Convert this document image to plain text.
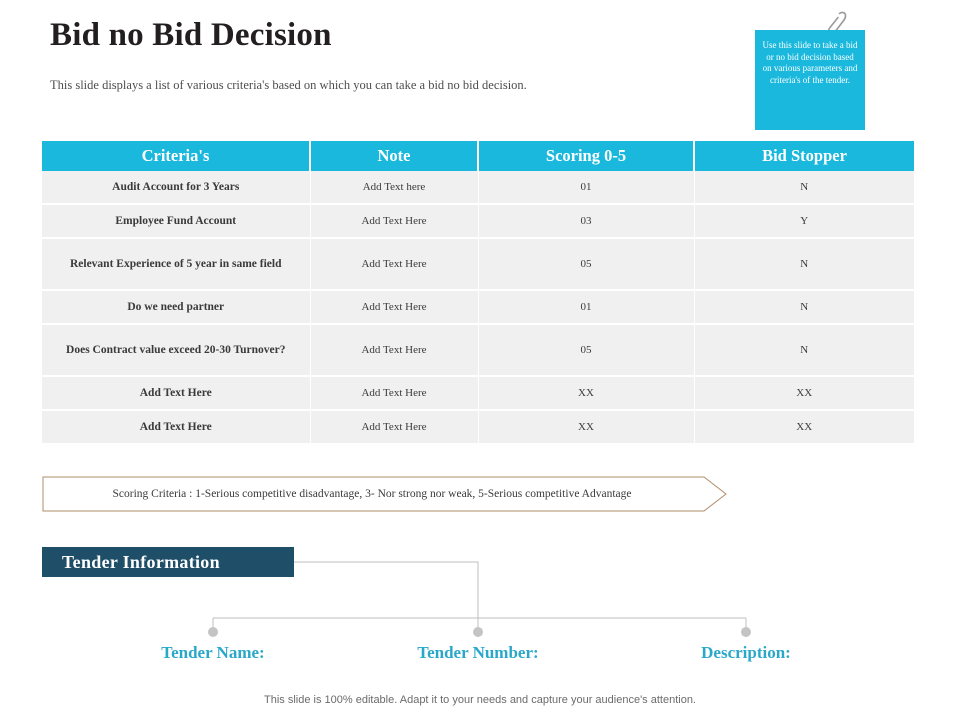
Bid no Bid Decision
This slide displays a list of various criteria's based on which you can take a bid no bid decision.
Use this slide to take a bid or no bid decision based on various parameters and criteria's of the tender.
Criteria's	Note	Scoring 0-5	Bid Stopper
Audit Account for 3 Years	Add Text here	01	N
Employee Fund Account	Add Text Here	03	Y
Relevant Experience of 5 year in same field	Add Text Here	05	N
Do we need partner	Add Text Here	01	N
Does Contract value exceed 20-30 Turnover?	Add Text Here	05	N
Add Text Here	Add Text Here	XX	XX
Add Text Here	Add Text Here	XX	XX
Scoring Criteria : 1-Serious competitive disadvantage, 3- Nor strong nor weak, 5-Serious competitive Advantage
Tender Information
Tender Name:	Tender Number:	Description:
This slide is 100% editable. Adapt it to your needs and capture your audience's attention.
